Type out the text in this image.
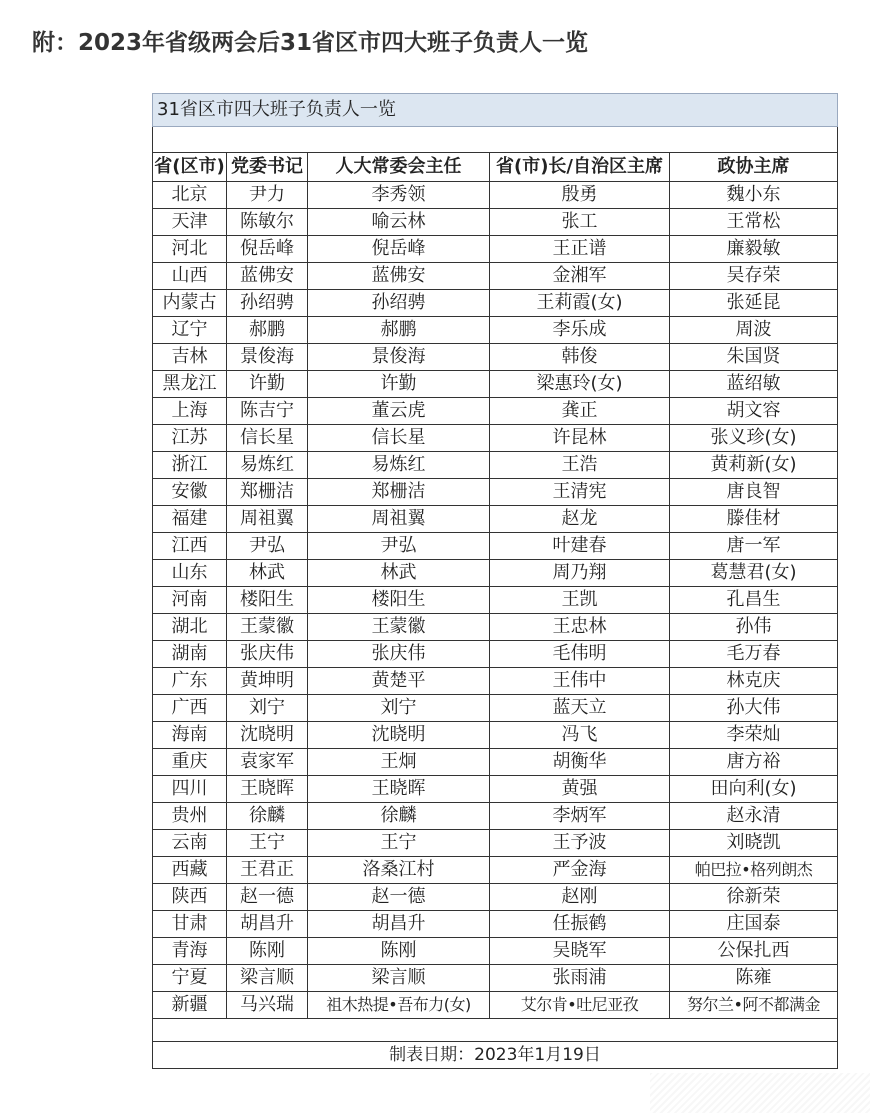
附：2023年省级两会后31省区市四大班子负责人一览
31省区市四大班子负责人一览				

省(区市)	党委书记	人大常委会主任	省(市)长/自治区主席	政协主席
北京	尹力	李秀领	殷勇	魏小东
天津	陈敏尔	喻云林	张工	王常松
河北	倪岳峰	倪岳峰	王正谱	廉毅敏
山西	蓝佛安	蓝佛安	金湘军	吴存荣
内蒙古	孙绍骋	孙绍骋	王莉霞(女)	张延昆
辽宁	郝鹏	郝鹏	李乐成	周波
吉林	景俊海	景俊海	韩俊	朱国贤
黑龙江	许勤	许勤	梁惠玲(女)	蓝绍敏
上海	陈吉宁	董云虎	龚正	胡文容
江苏	信长星	信长星	许昆林	张义珍(女)
浙江	易炼红	易炼红	王浩	黄莉新(女)
安徽	郑栅洁	郑栅洁	王清宪	唐良智
福建	周祖翼	周祖翼	赵龙	滕佳材
江西	尹弘	尹弘	叶建春	唐一军
山东	林武	林武	周乃翔	葛慧君(女)
河南	楼阳生	楼阳生	王凯	孔昌生
湖北	王蒙徽	王蒙徽	王忠林	孙伟
湖南	张庆伟	张庆伟	毛伟明	毛万春
广东	黄坤明	黄楚平	王伟中	林克庆
广西	刘宁	刘宁	蓝天立	孙大伟
海南	沈晓明	沈晓明	冯飞	李荣灿
重庆	袁家军	王炯	胡衡华	唐方裕
四川	王晓晖	王晓晖	黄强	田向利(女)
贵州	徐麟	徐麟	李炳军	赵永清
云南	王宁	王宁	王予波	刘晓凯
西藏	王君正	洛桑江村	严金海	帕巴拉•格列朗杰
陕西	赵一德	赵一德	赵刚	徐新荣
甘肃	胡昌升	胡昌升	任振鹤	庄国泰
青海	陈刚	陈刚	吴晓军	公保扎西
宁夏	梁言顺	梁言顺	张雨浦	陈雍
新疆	马兴瑞	祖木热提•吾布力(女)	艾尔肯•吐尼亚孜	努尔兰•阿不都满金

制表日期：2023年1月19日				
